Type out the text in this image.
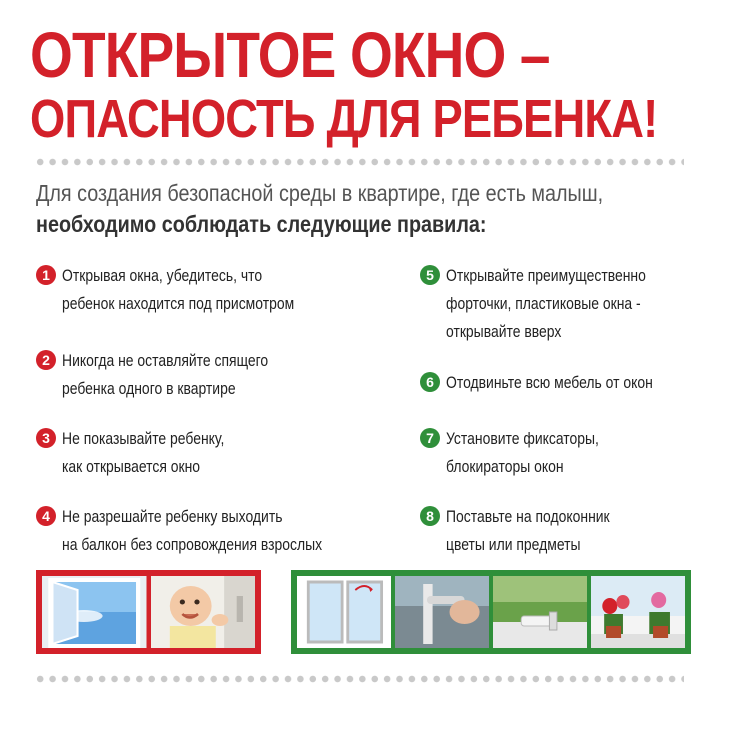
ОТКРЫТОЕ ОКНО –
ОПАСНОСТЬ ДЛЯ РЕБЕНКА!
Для создания безопасной среды в квартире, где есть малыш,
необходимо соблюдать следующие правила:
1 Открывая окна, убедитесь, что
ребенок находится под присмотром
2 Никогда не оставляйте спящего
ребенка одного в квартире
3 Не показывайте ребенку,
как открывается окно
4 Не разрешайте ребенку выходить
на балкон без сопровождения взрослых
5 Открывайте преимущественно
форточки, пластиковые окна -
открывайте вверх
6 Отодвиньте всю мебель от окон
7 Установите фиксаторы,
блокираторы окон
8 Поставьте на подоконник
цветы или предметы
